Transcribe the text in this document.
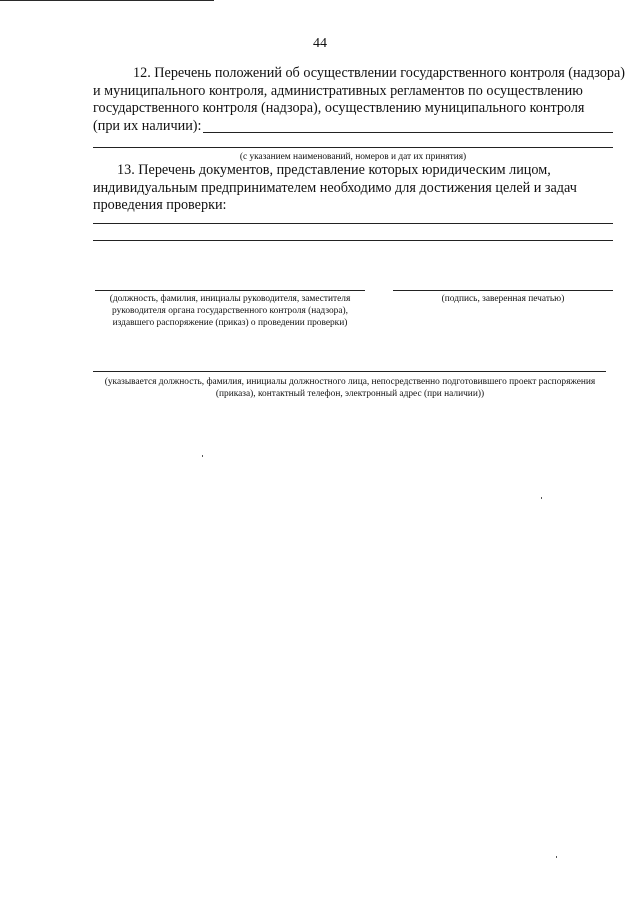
44
12. Перечень положений об осуществлении государственного контроля (надзора)
и муниципального контроля, административных регламентов по осуществлению
государственного контроля (надзора), осуществлению муниципального контроля
(при их наличии):
(с указанием наименований, номеров и дат их принятия)
13. Перечень документов, представление которых юридическим лицом,
индивидуальным предпринимателем необходимо для достижения целей и задач
проведения проверки:
(должность, фамилия, инициалы руководителя, заместителя
руководителя органа государственного контроля (надзора),
издавшего распоряжение (приказ) о проведении проверки)
(подпись, заверенная печатью)
(указывается должность, фамилия, инициалы должностного лица, непосредственно подготовившего проект распоряжения
(приказа), контактный телефон, электронный адрес (при наличии))
